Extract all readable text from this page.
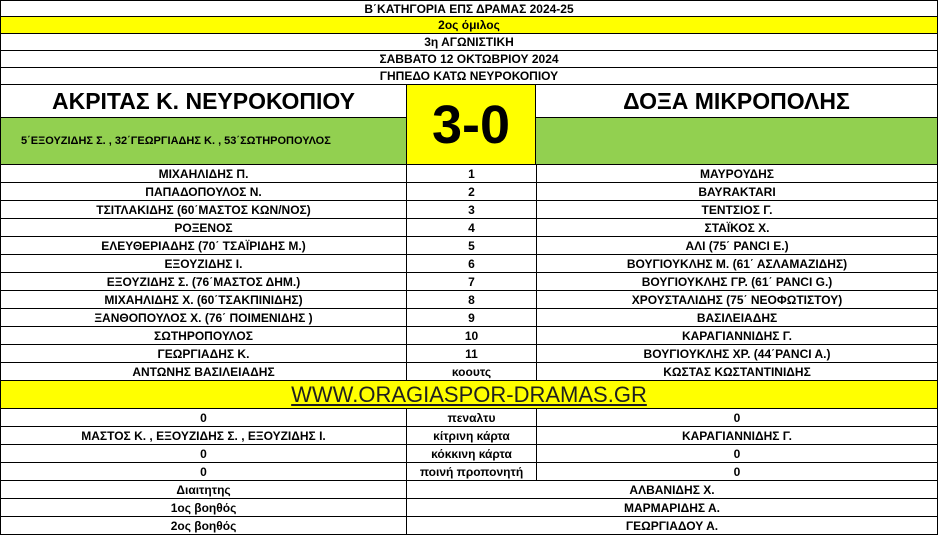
Β΄ΚΑΤΗΓΟΡΙΑ ΕΠΣ ΔΡΑΜΑΣ 2024-25
2ος όμιλος
3η ΑΓΩΝΙΣΤΙΚΗ
ΣΑΒΒΑΤΟ 12 ΟΚΤΩΒΡΙΟΥ 2024
ΓΗΠΕΔΟ ΚΑΤΩ ΝΕΥΡΟΚΟΠΙΟΥ
ΑΚΡΙΤΑΣ Κ. ΝΕΥΡΟΚΟΠΙΟΥ
5΄ΕΞΟΥΖΙΔΗΣ Σ. , 32΄ΓΕΩΡΓΙΑΔΗΣ Κ. , 53΄ΣΩΤΗΡΟΠΟΥΛΟΣ	3-0	ΔΟΞΑ ΜΙΚΡΟΠΟΛΗΣ
ΜΙΧΑΗΛΙΔΗΣ Π.	1	ΜΑΥΡΟΥΔΗΣ
ΠΑΠΑΔΟΠΟΥΛΟΣ Ν.	2	BAYRAKTARI
ΤΣΙΤΛΑΚΙΔΗΣ (60΄ΜΑΣΤΟΣ ΚΩΝ/ΝΟΣ)	3	ΤΕΝΤΣΙΟΣ Γ.
ΡΟΞΕΝΟΣ	4	ΣΤΑΪΚΟΣ Χ.
ΕΛΕΥΘΕΡΙΑΔΗΣ (70΄ ΤΣΑΪΡΙΔΗΣ Μ.)	5	ΑΛΙ (75΄ PANCI E.)
ΕΞΟΥΖΙΔΗΣ Ι.	6	ΒΟΥΓΙΟΥΚΛΗΣ Μ. (61΄ ΑΣΛΑΜΑΖΙΔΗΣ)
ΕΞΟΥΖΙΔΗΣ Σ. (76΄ΜΑΣΤΟΣ ΔΗΜ.)	7	ΒΟΥΓΙΟΥΚΛΗΣ ΓΡ. (61΄ PANCI G.)
ΜΙΧΑΗΛΙΔΗΣ Χ. (60΄ΤΣΑΚΠΙΝΙΔΗΣ)	8	ΧΡΟΥΣΤΑΛΙΔΗΣ (75΄ ΝΕΟΦΩΤΙΣΤΟΥ)
ΞΑΝΘΟΠΟΥΛΟΣ Χ. (76΄ ΠΟΙΜΕΝΙΔΗΣ )	9	ΒΑΣΙΛΕΙΑΔΗΣ
ΣΩΤΗΡΟΠΟΥΛΟΣ	10	ΚΑΡΑΓΙΑΝΝΙΔΗΣ Γ.
ΓΕΩΡΓΙΑΔΗΣ Κ.	11	ΒΟΥΓΙΟΥΚΛΗΣ ΧΡ. (44΄PANCI A.)
ΑΝΤΩΝΗΣ ΒΑΣΙΛΕΙΑΔΗΣ	κοουτς	ΚΩΣΤΑΣ ΚΩΣΤΑΝΤΙΝΙΔΗΣ
WWW.ORAGIASPOR-DRAMAS.GR
0	πεναλτυ	0
ΜΑΣΤΟΣ Κ. , ΕΞΟΥΖΙΔΗΣ Σ. , ΕΞΟΥΖΙΔΗΣ Ι.	κίτρινη κάρτα	ΚΑΡΑΓΙΑΝΝΙΔΗΣ Γ.
0	κόκκινη κάρτα	0
0	ποινή προπονητή	0
Διαιτητης	ΑΛΒΑΝΙΔΗΣ Χ.
1ος βοηθός	ΜΑΡΜΑΡΙΔΗΣ Α.
2ος βοηθός	ΓΕΩΡΓΙΑΔΟΥ Α.
